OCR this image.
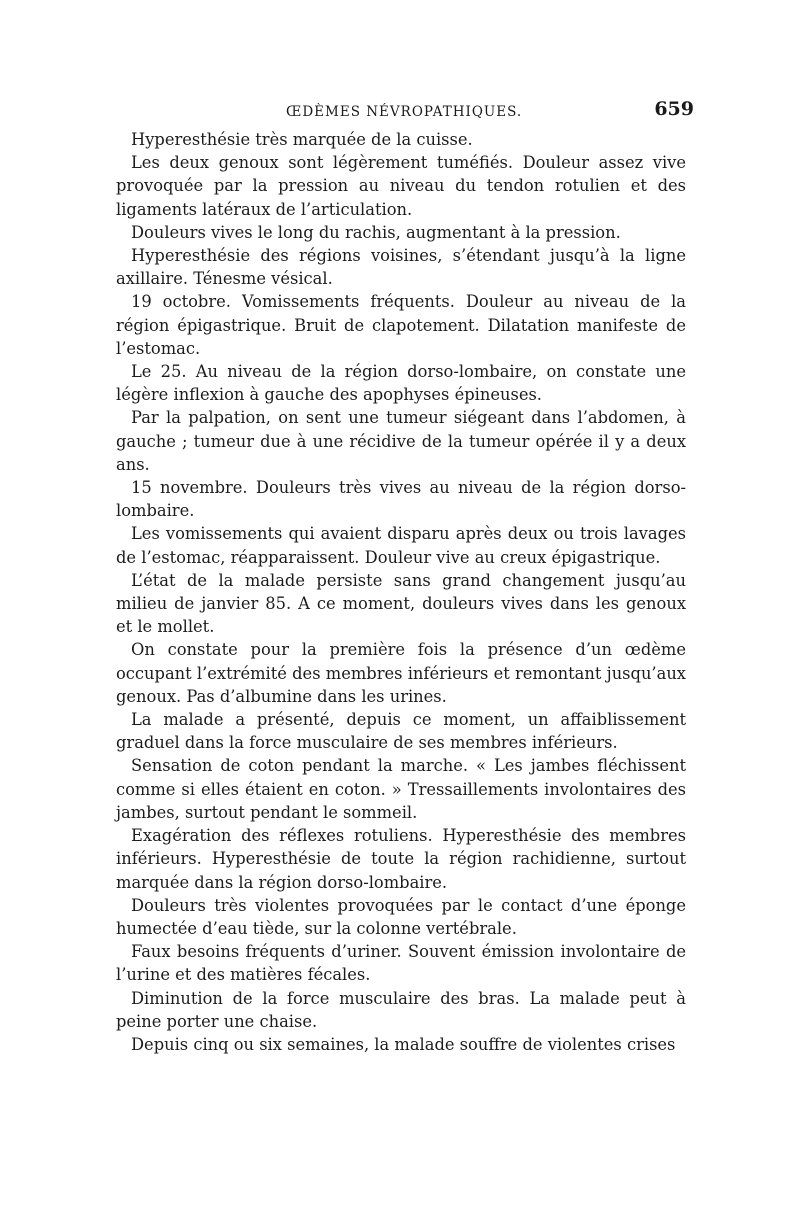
ŒDÈMES NÉVROPATHIQUES.	659

Hyperesthésie très marquée de la cuisse.

Les deux genoux sont légèrement tuméfiés. Douleur assez vive provoquée par la pression au niveau du tendon rotulien et des ligaments latéraux de l’articulation.

Douleurs vives le long du rachis, augmentant à la pression.

Hyperesthésie des régions voisines, s’étendant jusqu’à la ligne axillaire. Ténesme vésical.

19 octobre. Vomissements fréquents. Douleur au niveau de la région épigastrique. Bruit de clapotement. Dilatation manifeste de l’estomac.

Le 25. Au niveau de la région dorso-lombaire, on constate une légère inflexion à gauche des apophyses épineuses.

Par la palpation, on sent une tumeur siégeant dans l’abdomen, à gauche ; tumeur due à une récidive de la tumeur opérée il y a deux ans.

15 novembre. Douleurs très vives au niveau de la région dorso-lombaire.

Les vomissements qui avaient disparu après deux ou trois lavages de l’estomac, réapparaissent. Douleur vive au creux épigastrique.

L’état de la malade persiste sans grand changement jusqu’au milieu de janvier 85. A ce moment, douleurs vives dans les genoux et le mollet.

On constate pour la première fois la présence d’un œdème occupant l’extrémité des membres inférieurs et remontant jusqu’aux genoux. Pas d’albumine dans les urines.

La malade a présenté, depuis ce moment, un affaiblissement graduel dans la force musculaire de ses membres inférieurs.

Sensation de coton pendant la marche. « Les jambes fléchissent comme si elles étaient en coton. » Tressaillements involontaires des jambes, surtout pendant le sommeil.

Exagération des réflexes rotuliens. Hyperesthésie des membres inférieurs. Hyperesthésie de toute la région rachidienne, surtout marquée dans la région dorso-lombaire.

Douleurs très violentes provoquées par le contact d’une éponge humectée d’eau tiède, sur la colonne vertébrale.

Faux besoins fréquents d’uriner. Souvent émission involontaire de l’urine et des matières fécales.

Diminution de la force musculaire des bras. La malade peut à peine porter une chaise.

Depuis cinq ou six semaines, la malade souffre de violentes crises
